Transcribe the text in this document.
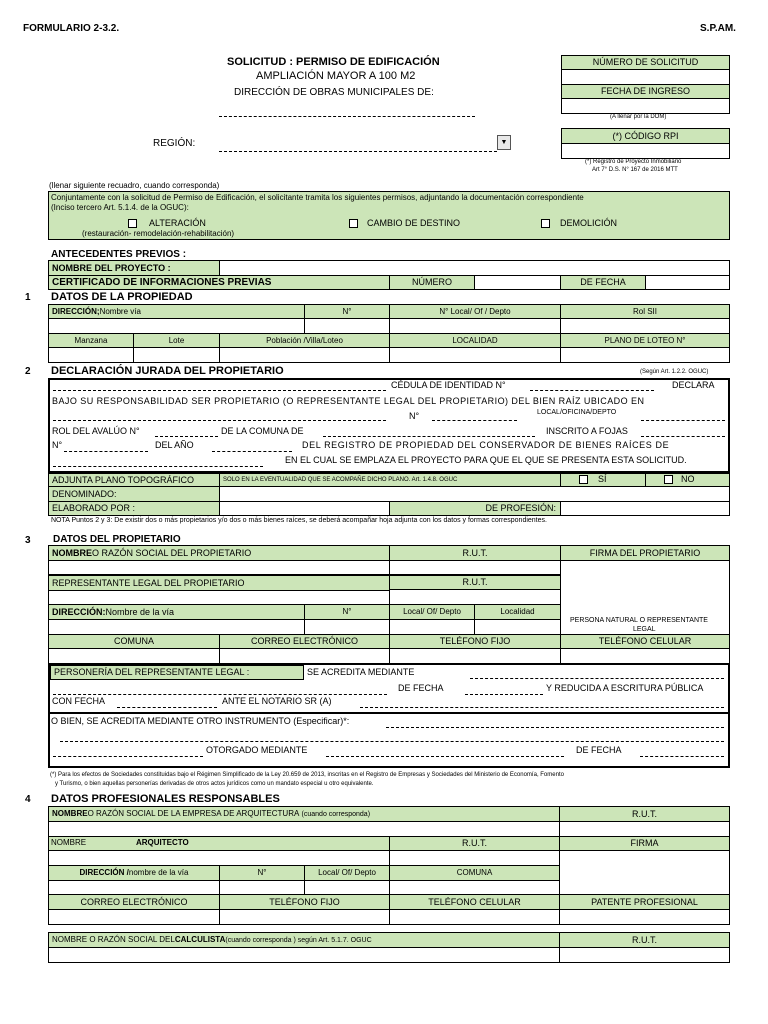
FORMULARIO 2-3.2.	S.P.AM.
SOLICITUD : PERMISO DE EDIFICACIÓN
AMPLIACIÓN MAYOR A 100 M2
DIRECCIÓN DE OBRAS MUNICIPALES DE:
REGIÓN:	▼
NÚMERO DE SOLICITUD
FECHA DE INGRESO
(A llenar por la DOM)
(*) CÓDIGO RPI
(*) Registro de Proyecto Inmobiliario
Art 7° D.S. N° 167 de 2016 MTT
(llenar siguiente recuadro, cuando corresponda)
Conjuntamente con la solicitud de Permiso de Edificación, el solicitante tramita los siguientes permisos, adjuntando la documentación correspondiente
(Inciso tercero Art. 5.1.4. de la OGUC):
ALTERACIÓN
(restauración- remodelación-rehabilitación)
CAMBIO DE DESTINO	DEMOLICIÓN
ANTECEDENTES PREVIOS :
NOMBRE DEL PROYECTO :
CERTIFICADO DE INFORMACIONES PREVIAS	NÚMERO	DE FECHA
1 DATOS DE LA PROPIEDAD
DIRECCIÓN; Nombre vía	N°	N° Local/ Of / Depto	Rol SII
Manzana	Lote	Población /Villa/Loteo	LOCALIDAD	PLANO DE LOTEO N°
2 DECLARACIÓN JURADA DEL PROPIETARIO	(Según Art. 1.2.2. OGUC)
CÉDULA DE IDENTIDAD N°	DECLARA
BAJO SU RESPONSABILIDAD SER PROPIETARIO (O REPRESENTANTE LEGAL DEL PROPIETARIO) DEL BIEN RAÍZ UBICADO EN
N°	LOCAL/OFICINA/DEPTO
ROL DEL AVALÚO N°	DE LA COMUNA DE	INSCRITO A FOJAS
N°	DEL AÑO	DEL REGISTRO DE PROPIEDAD DEL CONSERVADOR DE BIENES RAÍCES DE
EN EL CUAL SE EMPLAZA EL PROYECTO PARA QUE EL QUE SE PRESENTA ESTA SOLICITUD.
ADJUNTA PLANO TOPOGRÁFICO	SOLO EN LA EVENTUALIDAD QUE SE ACOMPAÑE DICHO PLANO. Art. 1.4.8. OGUC	SÍ	NO
DENOMINADO:
ELABORADO POR :	DE PROFESIÓN:
NOTA Puntos 2 y 3: De existir dos o más propietarios y/o dos o más bienes raíces, se deberá acompañar hoja adjunta con los datos y formas correspondientes.
3 DATOS DEL PROPIETARIO
NOMBRE O RAZÓN SOCIAL DEL PROPIETARIO	R.U.T.	FIRMA DEL PROPIETARIO
PERSONA NATURAL O REPRESENTANTE
LEGAL
REPRESENTANTE LEGAL DEL PROPIETARIO	R.U.T.
DIRECCIÓN: Nombre de la vía	N°	Local/ Of/ Depto	Localidad
COMUNA	CORREO ELECTRÓNICO	TELÉFONO FIJO	TELÉFONO CELULAR
PERSONERÍA DEL REPRESENTANTE LEGAL :	SE ACREDITA MEDIANTE
DE FECHA	Y REDUCIDA A ESCRITURA PÚBLICA
CON FECHA	ANTE EL NOTARIO SR (A)
O BIEN, SE ACREDITA MEDIANTE OTRO INSTRUMENTO (Especificar)*:
OTORGADO MEDIANTE	DE FECHA
(*) Para los efectos de Sociedades constituidas bajo el Régimen Simplificado de la Ley 20.659 de 2013, inscritas en el Registro de Empresas y Sociedades del Ministerio de Economía, Fomento
y Turismo, o bien aquellas personerías derivadas de otros actos jurídicos como un mandato especial u otro equivalente.
4 DATOS PROFESIONALES RESPONSABLES
NOMBRE O RAZÓN SOCIAL DE LA EMPRESA DE ARQUITECTURA
(cuando corresponda)	R.U.T.
NOMBRE	ARQUITECTO	R.U.T.	FIRMA
DIRECCIÓN / nombre de la vía	N°	Local/ Of/ Depto	COMUNA
CORREO ELECTRÓNICO	TELÉFONO FIJO	TELÉFONO CELULAR	PATENTE PROFESIONAL
NOMBRE O RAZÓN SOCIAL DEL CALCULISTA (cuando corresponda ) según Art. 5.1.7. OGUC	R.U.T.
